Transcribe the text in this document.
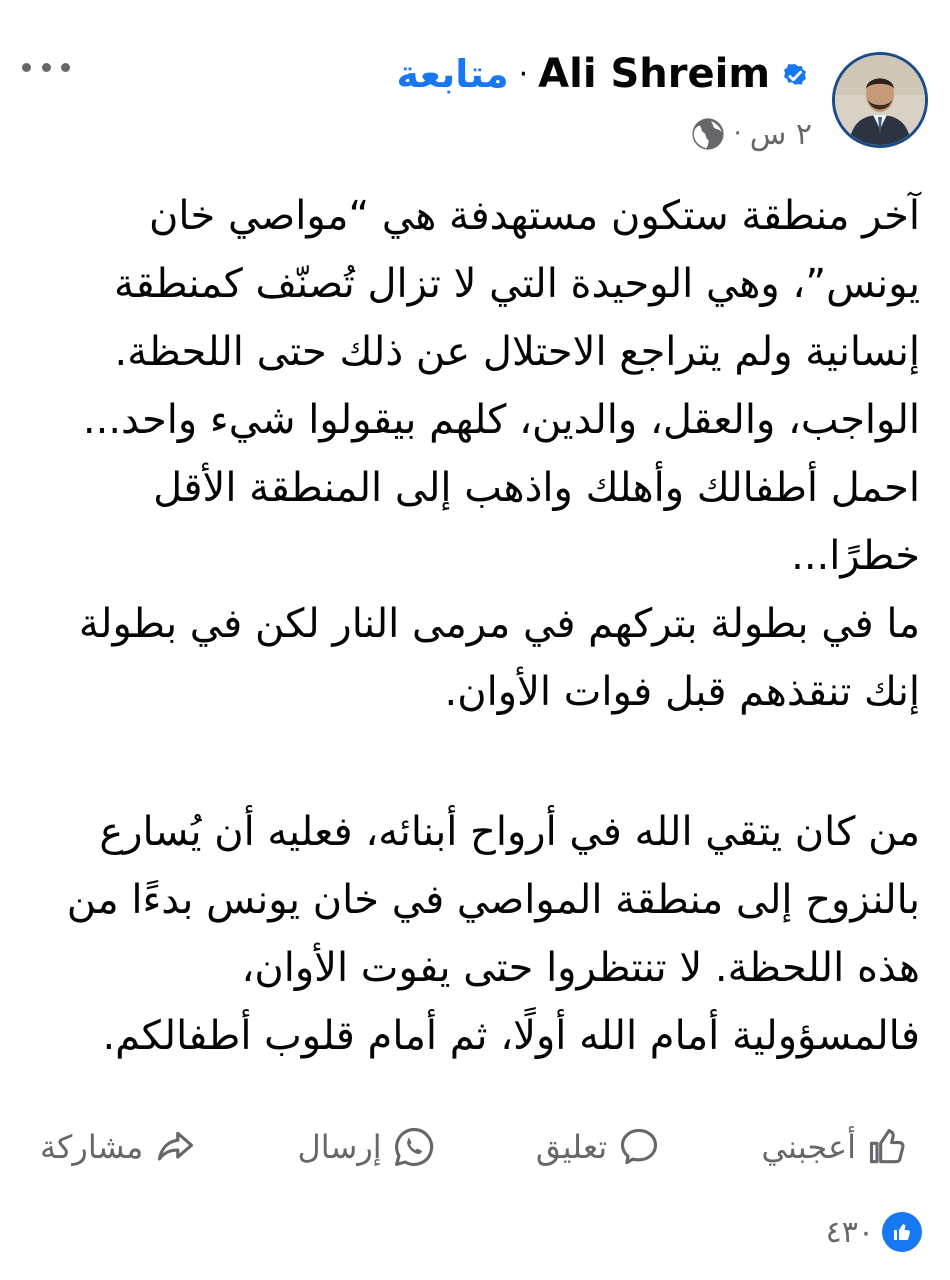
متابعة · Ali Shreim
· ٢ س

آخر منطقة ستكون مستهدفة هي “مواصي خان يونس”، وهي الوحيدة التي لا تزال تُصنّف كمنطقة إنسانية ولم يتراجع الاحتلال عن ذلك حتى اللحظة.
الواجب، والعقل، والدين، كلهم بيقولوا شيء واحد...
احمل أطفالك وأهلك واذهب إلى المنطقة الأقل خطرًا...
ما في بطولة بتركهم في مرمى النار لكن في بطولة إنك تنقذهم قبل فوات الأوان.

من كان يتقي الله في أرواح أبنائه، فعليه أن يُسارع بالنزوح إلى منطقة المواصي في خان يونس بدءًا من هذه اللحظة. لا تنتظروا حتى يفوت الأوان،
فالمسؤولية أمام الله أولًا، ثم أمام قلوب أطفالكم.

أعجبني
تعليق
إرسال
مشاركة
٤٣٠
